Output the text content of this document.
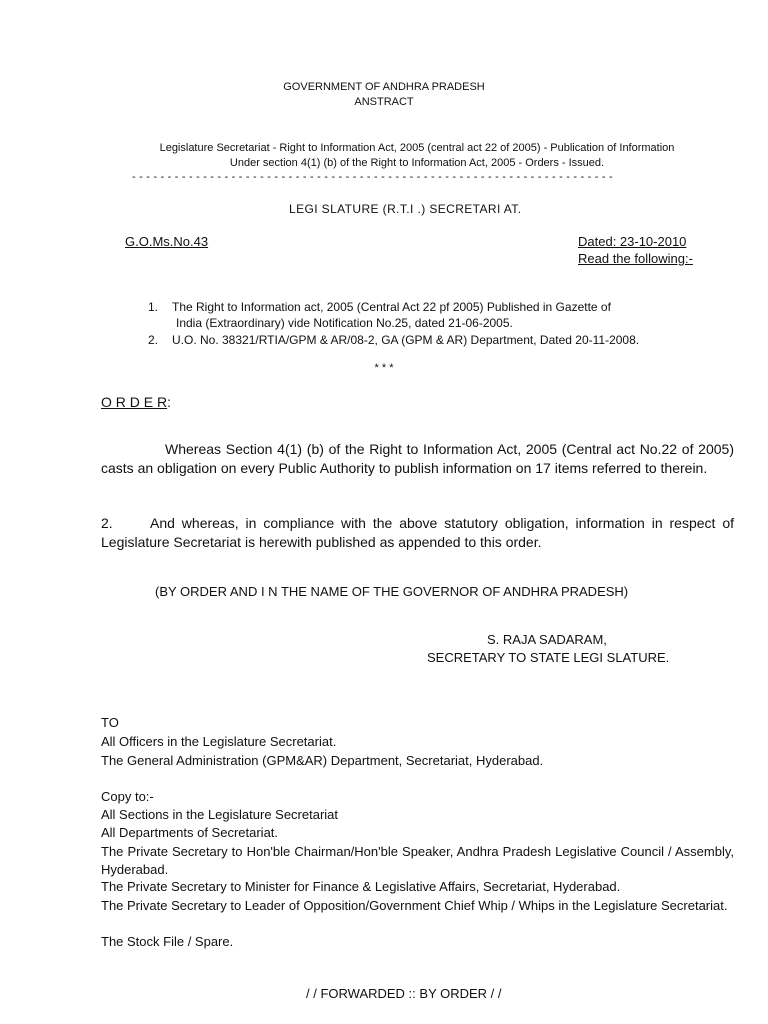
GOVERNMENT OF ANDHRA PRADESH
ANSTRACT
Legislature Secretariat - Right to Information Act, 2005 (central act 22 of 2005) - Publication of Information
Under section 4(1) (b) of the Right to Information Act, 2005 - Orders - Issued.
- - - - - - - - - - - - - - - - - - - - - - - - - - - - - - - - - - - - - - - - - - - - - - - - - - - - - - - - - - - - - - - - - - - -
LEGI SLATURE (R.T.I .) SECRETARI AT.
G.O.Ms.No.43	Dated: 23-10-2010
Read the following:-
1. The Right to Information act, 2005 (Central Act 22 pf 2005) Published in Gazette of
India (Extraordinary) vide Notification No.25, dated 21-06-2005.
2. U.O. No. 38321/RTIA/GPM & AR/08-2, GA (GPM & AR) Department, Dated 20-11-2008.
* * *
O R D E R:
Whereas Section 4(1) (b) of the Right to Information Act, 2005 (Central act No.22 of 2005) casts an obligation on every Public Authority to publish information on 17 items referred to therein.
2.	And whereas, in compliance with the above statutory obligation, information in respect of Legislature Secretariat is herewith published as appended to this order.
(BY ORDER AND I N THE NAME OF THE GOVERNOR OF ANDHRA PRADESH)
S. RAJA SADARAM,
SECRETARY TO STATE LEGI SLATURE.
TO
All Officers in the Legislature Secretariat.
The General Administration (GPM&AR) Department, Secretariat, Hyderabad.
Copy to:-
All Sections in the Legislature Secretariat
All Departments of Secretariat.
The Private Secretary to Hon'ble Chairman/Hon'ble Speaker, Andhra Pradesh Legislative Council / Assembly, Hyderabad.
The Private Secretary to Minister for Finance & Legislative Affairs, Secretariat, Hyderabad.
The Private Secretary to Leader of Opposition/Government Chief Whip / Whips in the Legislature Secretariat.
The Stock File / Spare.
/ / FORWARDED :: BY ORDER / /
